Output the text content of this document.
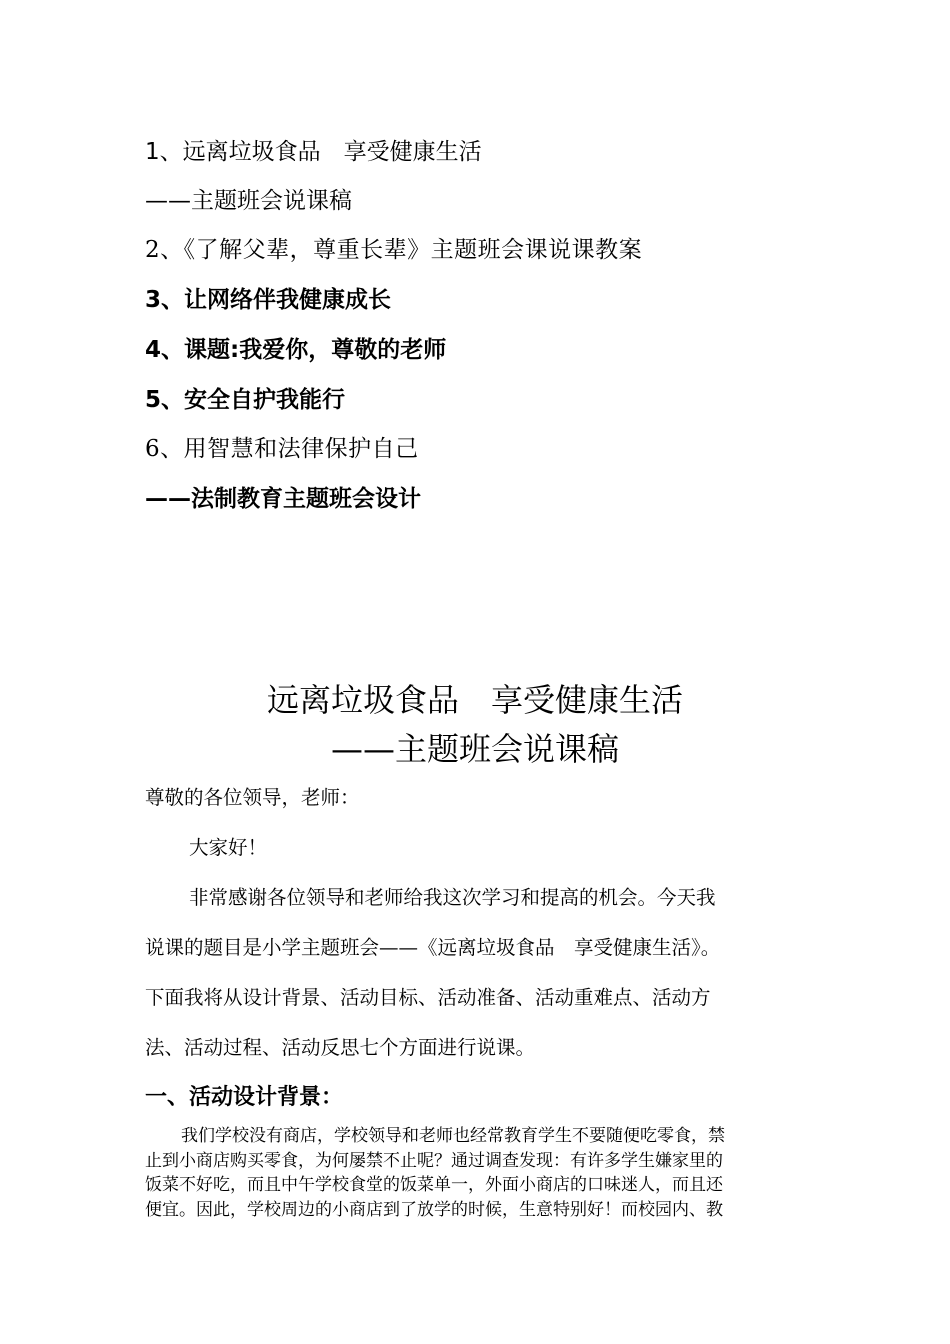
1、远离垃圾食品　享受健康生活
——主题班会说课稿
2、《了解父辈，尊重长辈》主题班会课说课教案
3、让网络伴我健康成长
4、课题:我爱你，尊敬的老师
5、安全自护我能行
6、用智慧和法律保护自己
——法制教育主题班会设计
远离垃圾食品　享受健康生活
——主题班会说课稿
尊敬的各位领导，老师：
大家好！
非常感谢各位领导和老师给我这次学习和提高的机会。今天我
说课的题目是小学主题班会——《远离垃圾食品　享受健康生活》。
下面我将从设计背景、活动目标、活动准备、活动重难点、活动方
法、活动过程、活动反思七个方面进行说课。
一、活动设计背景：
我们学校没有商店，学校领导和老师也经常教育学生不要随便吃零食，禁
止到小商店购买零食，为何屡禁不止呢？通过调查发现：有许多学生嫌家里的
饭菜不好吃，而且中午学校食堂的饭菜单一，外面小商店的口味迷人，而且还
便宜。因此，学校周边的小商店到了放学的时候，生意特别好！而校园内、教
